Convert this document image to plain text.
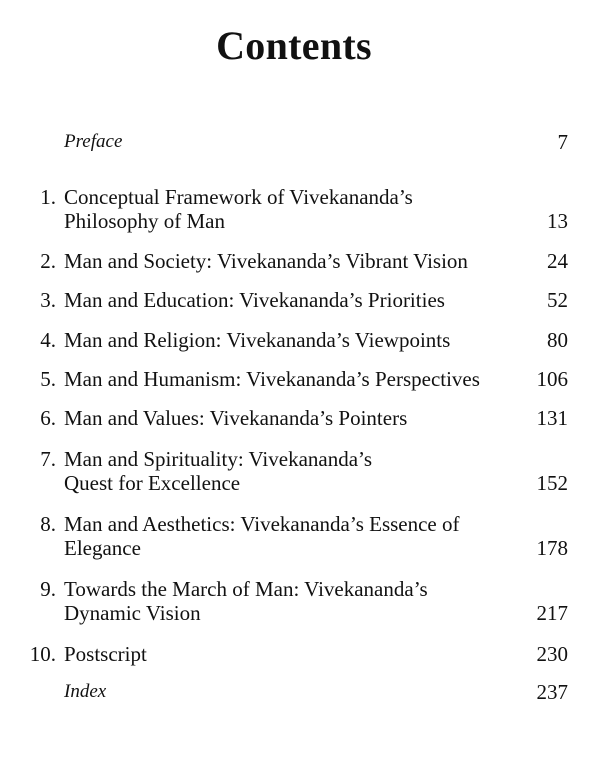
Contents
Preface	7
1. Conceptual Framework of Vivekananda’s
Philosophy of Man	13
2. Man and Society: Vivekananda’s Vibrant Vision	24
3. Man and Education: Vivekananda’s Priorities	52
4. Man and Religion: Vivekananda’s Viewpoints	80
5. Man and Humanism: Vivekananda’s Perspectives	106
6. Man and Values: Vivekananda’s Pointers	131
7. Man and Spirituality: Vivekananda’s
Quest for Excellence	152
8. Man and Aesthetics: Vivekananda’s Essence of
Elegance	178
9. Towards the March of Man: Vivekananda’s
Dynamic Vision	217
10. Postscript	230
Index	237
